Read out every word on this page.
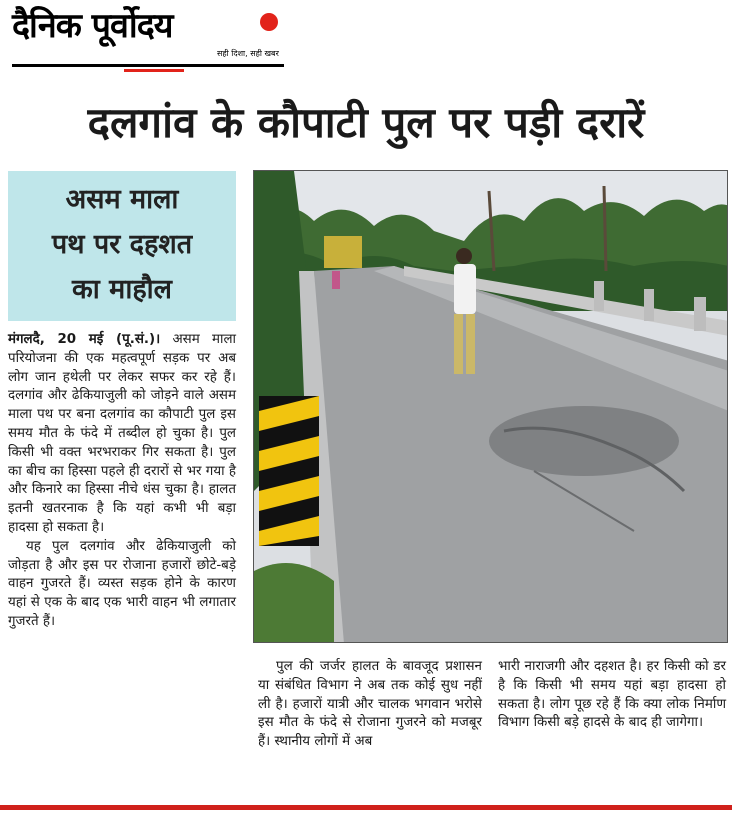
दैनिक पूर्वोदय
सही दिशा, सही खबर
दलगांव के कौपाटी पुल पर पड़ी दरारें
असम माला
पथ पर दहशत
का माहौल

मंगलदै, 20 मई (पू.सं.)। असम माला परियोजना की एक महत्वपूर्ण सड़क पर अब लोग जान हथेली पर लेकर सफर कर रहे हैं। दलगांव और ढेकियाजुली को जोड़ने वाले असम माला पथ पर बना दलगांव का कौपाटी पुल इस समय मौत के फंदे में तब्दील हो चुका है। पुल किसी भी वक्त भरभराकर गिर सकता है। पुल का बीच का हिस्सा पहले ही दरारों से भर गया है और किनारे का हिस्सा नीचे धंस चुका है। हालत इतनी खतरनाक है कि यहां कभी भी बड़ा हादसा हो सकता है।

यह पुल दलगांव और ढेकियाजुली को जोड़ता है और इस पर रोजाना हजारों छोटे-बड़े वाहन गुजरते हैं। व्यस्त सड़क होने के कारण यहां से एक के बाद एक भारी वाहन भी लगातार गुजरते हैं।

पुल की जर्जर हालत के बावजूद प्रशासन या संबंधित विभाग ने अब तक कोई सुध नहीं ली है। हजारों यात्री और चालक भगवान भरोसे इस मौत के फंदे से रोजाना गुजरने को मजबूर हैं। स्थानीय लोगों में अब

भारी नाराजगी और दहशत है। हर किसी को डर है कि किसी भी समय यहां बड़ा हादसा हो सकता है। लोग पूछ रहे हैं कि क्या लोक निर्माण विभाग किसी बड़े हादसे के बाद ही जागेगा।
